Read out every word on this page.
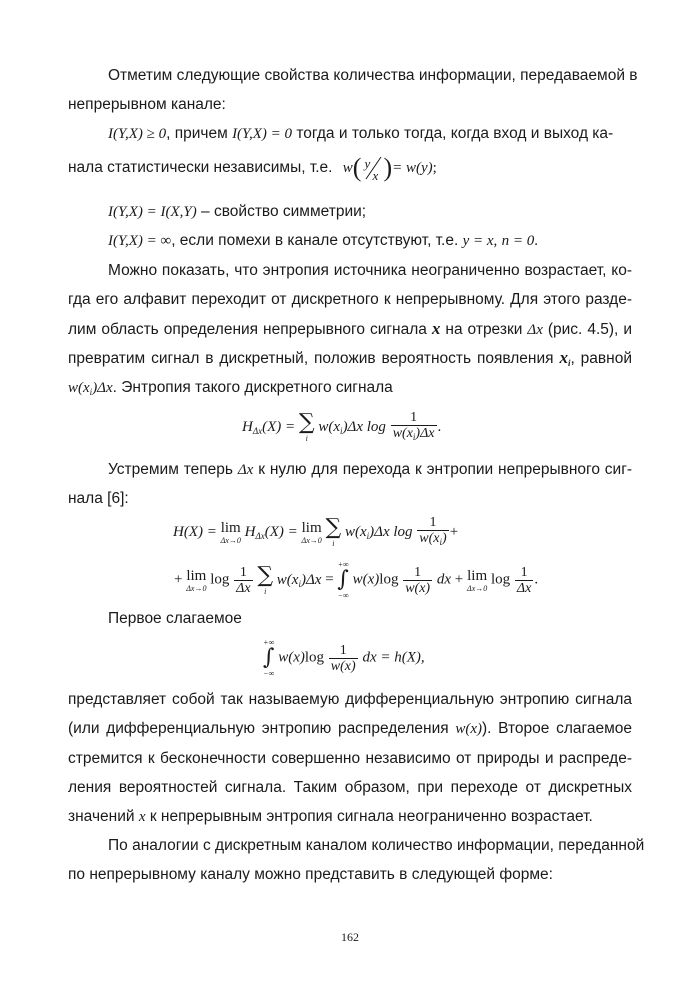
Отметим следующие свойства количества информации, передаваемой в
непрерывном канале:
I(Y,X) ≥ 0, причем I(Y,X) = 0 тогда и только тогда, когда вход и выход ка-
нала статистически независимы, т.е. w( y
x )= w(y);
I(Y,X) = I(X,Y) – свойство симметрии;
I(Y,X) = ∞, если помехи в канале отсутствуют, т.е. y = x, n = 0.
Можно показать, что энтропия источника неограниченно возрастает, ко-
гда его алфавит переходит от дискретного к непрерывному. Для этого разде-
лим область определения непрерывного сигнала x на отрезки Δx (рис. 4.5), и
превратим сигнал в дискретный, положив вероятность появления $x_i$, равной
$w(x_i)\Delta x$. Энтропия такого дискретного сигнала
$H_{\Delta x}(X)$ = ∑
i
$w(x_i)\Delta x$ $\log \frac{1}{w(x_i)\Delta x}$ .
Устремим теперь Δx к нулю для перехода к энтропии непрерывного сиг-
нала [6]:
H(X) = lim
Δx→0
$H_{\Delta x}(X) = \lim$
Δx→0

∑
i
$w(x_i)\Delta x$ $\log \frac{1}{w(x_i)}$ +
+ lim
Δx→0
$\log \frac{1}{\Delta x}$
∑
i
$w(x_i)\Delta x$ =
+∞
∫
−∞
$w(x)\log \frac{1}{w(x)}$ dx + lim
Δx→0
$\log \frac{1}{\Delta x}$ .
Первое слагаемое
+∞
∫
−∞
$w(x)\log \frac{1}{w(x)}$ dx = h(X),
представляет собой так называемую дифференциальную энтропию сигнала
(или дифференциальную энтропию распределения w(x)). Второе слагаемое
стремится к бесконечности совершенно независимо от природы и распреде-
ления вероятностей сигнала. Таким образом, при переходе от дискретных
значений x к непрерывным энтропия сигнала неограниченно возрастает.
По аналогии с дискретным каналом количество информации, переданной
по непрерывному каналу можно представить в следующей форме:
162
